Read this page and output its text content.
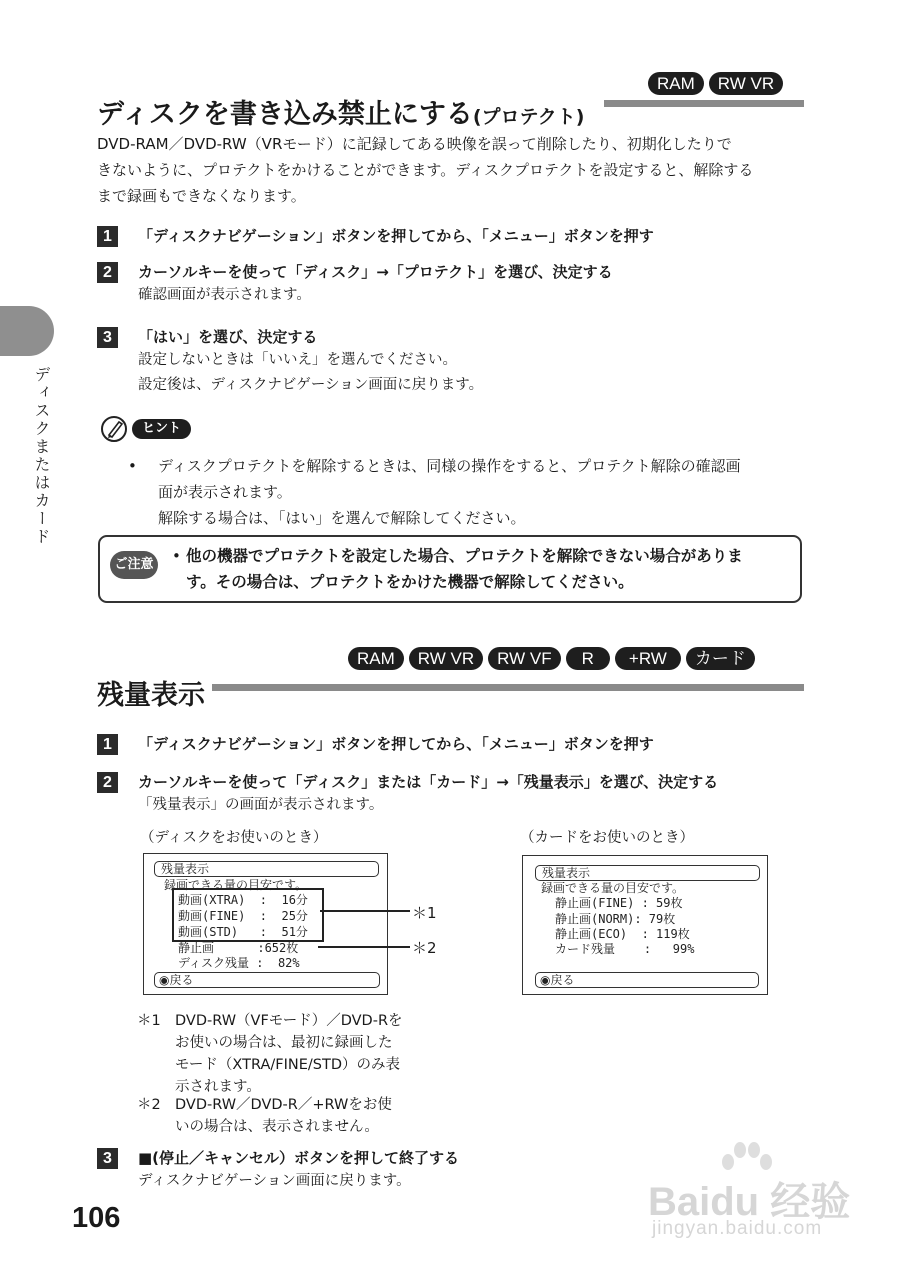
RAM	RW VR
ディスクを書き込み禁止にする(プロテクト)
DVD-RAM／DVD-RW（VRモード）に記録してある映像を誤って削除したり、初期化したりで
きないように、プロテクトをかけることができます。ディスクプロテクトを設定すると、解除する
まで録画もできなくなります。
1	「ディスクナビゲーション」ボタンを押してから、「メニュー」ボタンを押す
2	カーソルキーを使って「ディスク」→「プロテクト」を選び、決定する
確認画面が表示されます。
3	「はい」を選び、決定する
設定しないときは「いいえ」を選んでください。
設定後は、ディスクナビゲーション画面に戻ります。
ディスクまたはカード	ヒント
• ディスクプロテクトを解除するときは、同様の操作をすると、プロテクト解除の確認画
面が表示されます。
解除する場合は、「はい」を選んで解除してください。
ご注意	• 他の機器でプロテクトを設定した場合、プロテクトを解除できない場合がありま
す。その場合は、プロテクトをかけた機器で解除してください。
RAM	RW VR	RW VF	R	+RW	カード
残量表示
1	「ディスクナビゲーション」ボタンを押してから、「メニュー」ボタンを押す
2	カーソルキーを使って「ディスク」または「カード」→「残量表示」を選び、決定する
「残量表示」の画面が表示されます。
（ディスクをお使いのとき）	（カードをお使いのとき）
残量表示
録画できる量の目安です。
動画(XTRA)  :  16分
動画(FINE)  :  25分
動画(STD)   :  51分
静止画      :652枚
ディスク残量 :  82%
◉戻る
＊1
＊2
残量表示
録画できる量の目安です。
静止画(FINE) : 59枚
静止画(NORM): 79枚
静止画(ECO)  : 119枚
カード残量    :   99%
◉戻る
＊1 DVD-RW（VFモード）／DVD-Rを
お使いの場合は、最初に録画した
モード（XTRA/FINE/STD）のみ表
示されます。
＊2 DVD-RW／DVD-R／+RWをお使
いの場合は、表示されません。
3	■(停止／キャンセル）ボタンを押して終了する
ディスクナビゲーション画面に戻ります。
106	Baidu 经验
jingyan.baidu.com
